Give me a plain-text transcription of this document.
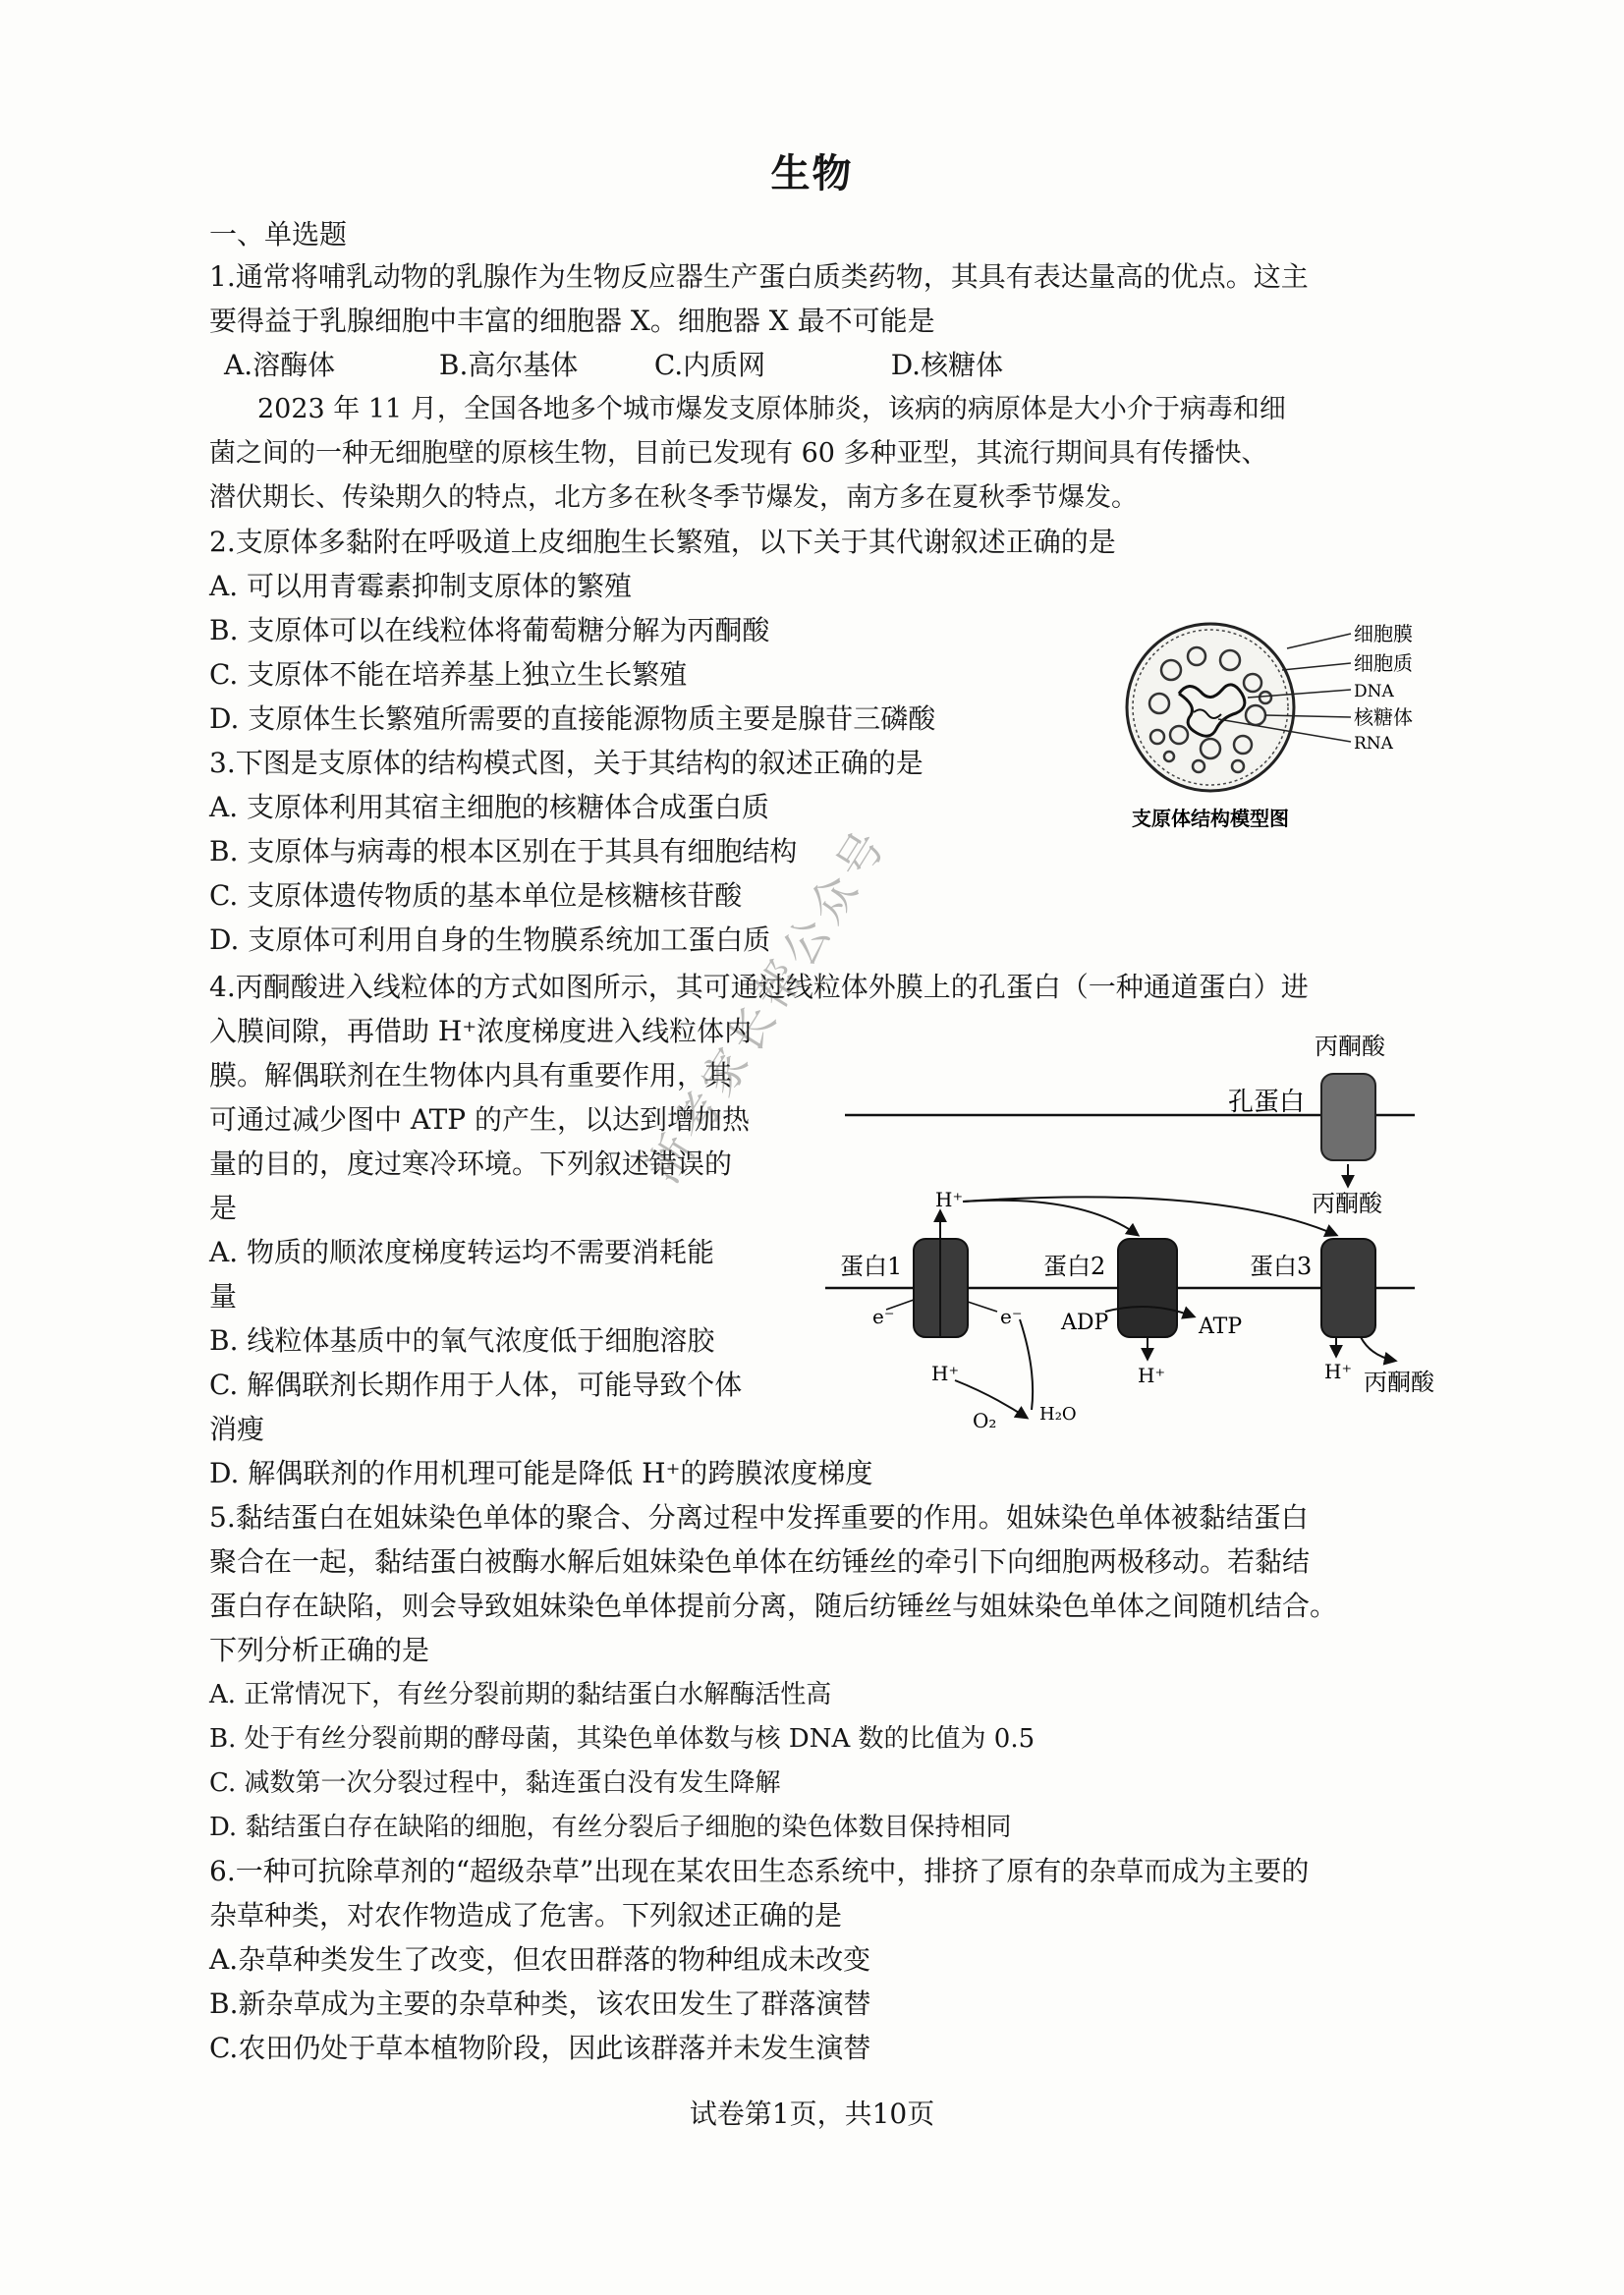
生物
一、单选题
1.通常将哺乳动物的乳腺作为生物反应器生产蛋白质类药物，其具有表达量高的优点。这主
要得益于乳腺细胞中丰富的细胞器 X。细胞器 X 最不可能是
A.溶酶体	B.高尔基体	C.内质网	D.核糖体
2023 年 11 月，全国各地多个城市爆发支原体肺炎，该病的病原体是大小介于病毒和细
菌之间的一种无细胞壁的原核生物，目前已发现有 60 多种亚型，其流行期间具有传播快、
潜伏期长、传染期久的特点，北方多在秋冬季节爆发，南方多在夏秋季节爆发。
2.支原体多黏附在呼吸道上皮细胞生长繁殖，以下关于其代谢叙述正确的是
A. 可以用青霉素抑制支原体的繁殖
B. 支原体可以在线粒体将葡萄糖分解为丙酮酸
C. 支原体不能在培养基上独立生长繁殖
D. 支原体生长繁殖所需要的直接能源物质主要是腺苷三磷酸
3.下图是支原体的结构模式图，关于其结构的叙述正确的是
A. 支原体利用其宿主细胞的核糖体合成蛋白质
B. 支原体与病毒的根本区别在于其具有细胞结构
C. 支原体遗传物质的基本单位是核糖核苷酸
D. 支原体可利用自身的生物膜系统加工蛋白质
细胞膜
细胞质
DNA
核糖体
RNA
支原体结构模型图
4.丙酮酸进入线粒体的方式如图所示，其可通过线粒体外膜上的孔蛋白（一种通道蛋白）进
入膜间隙，再借助 H⁺浓度梯度进入线粒体内
膜。解偶联剂在生物体内具有重要作用，其
可通过减少图中 ATP 的产生，以达到增加热
量的目的，度过寒冷环境。下列叙述错误的
是
A. 物质的顺浓度梯度转运均不需要消耗能
量
B. 线粒体基质中的氧气浓度低于细胞溶胶
C. 解偶联剂长期作用于人体，可能导致个体
消瘦
D. 解偶联剂的作用机理可能是降低 H⁺的跨膜浓度梯度
丙酮酸
孔蛋白
丙酮酸
蛋白1	蛋白2	蛋白3
H⁺
e⁻	e⁻
H⁺
O₂ H₂O
ADP	ATP
H⁺	H⁺ 丙酮酸
5.黏结蛋白在姐妹染色单体的聚合、分离过程中发挥重要的作用。姐妹染色单体被黏结蛋白
聚合在一起，黏结蛋白被酶水解后姐妹染色单体在纺锤丝的牵引下向细胞两极移动。若黏结
蛋白存在缺陷，则会导致姐妹染色单体提前分离，随后纺锤丝与姐妹染色单体之间随机结合。
下列分析正确的是
A. 正常情况下，有丝分裂前期的黏结蛋白水解酶活性高
B. 处于有丝分裂前期的酵母菌，其染色单体数与核 DNA 数的比值为 0.5
C. 减数第一次分裂过程中，黏连蛋白没有发生降解
D. 黏结蛋白存在缺陷的细胞，有丝分裂后子细胞的染色体数目保持相同
6.一种可抗除草剂的“超级杂草”出现在某农田生态系统中，排挤了原有的杂草而成为主要的
杂草种类，对农作物造成了危害。下列叙述正确的是
A.杂草种类发生了改变，但农田群落的物种组成未改变
B.新杂草成为主要的杂草种类，该农田发生了群落演替
C.农田仍处于草本植物阶段，因此该群落并未发生演替
浙考家长帮公众号
试卷第1页，共10页
